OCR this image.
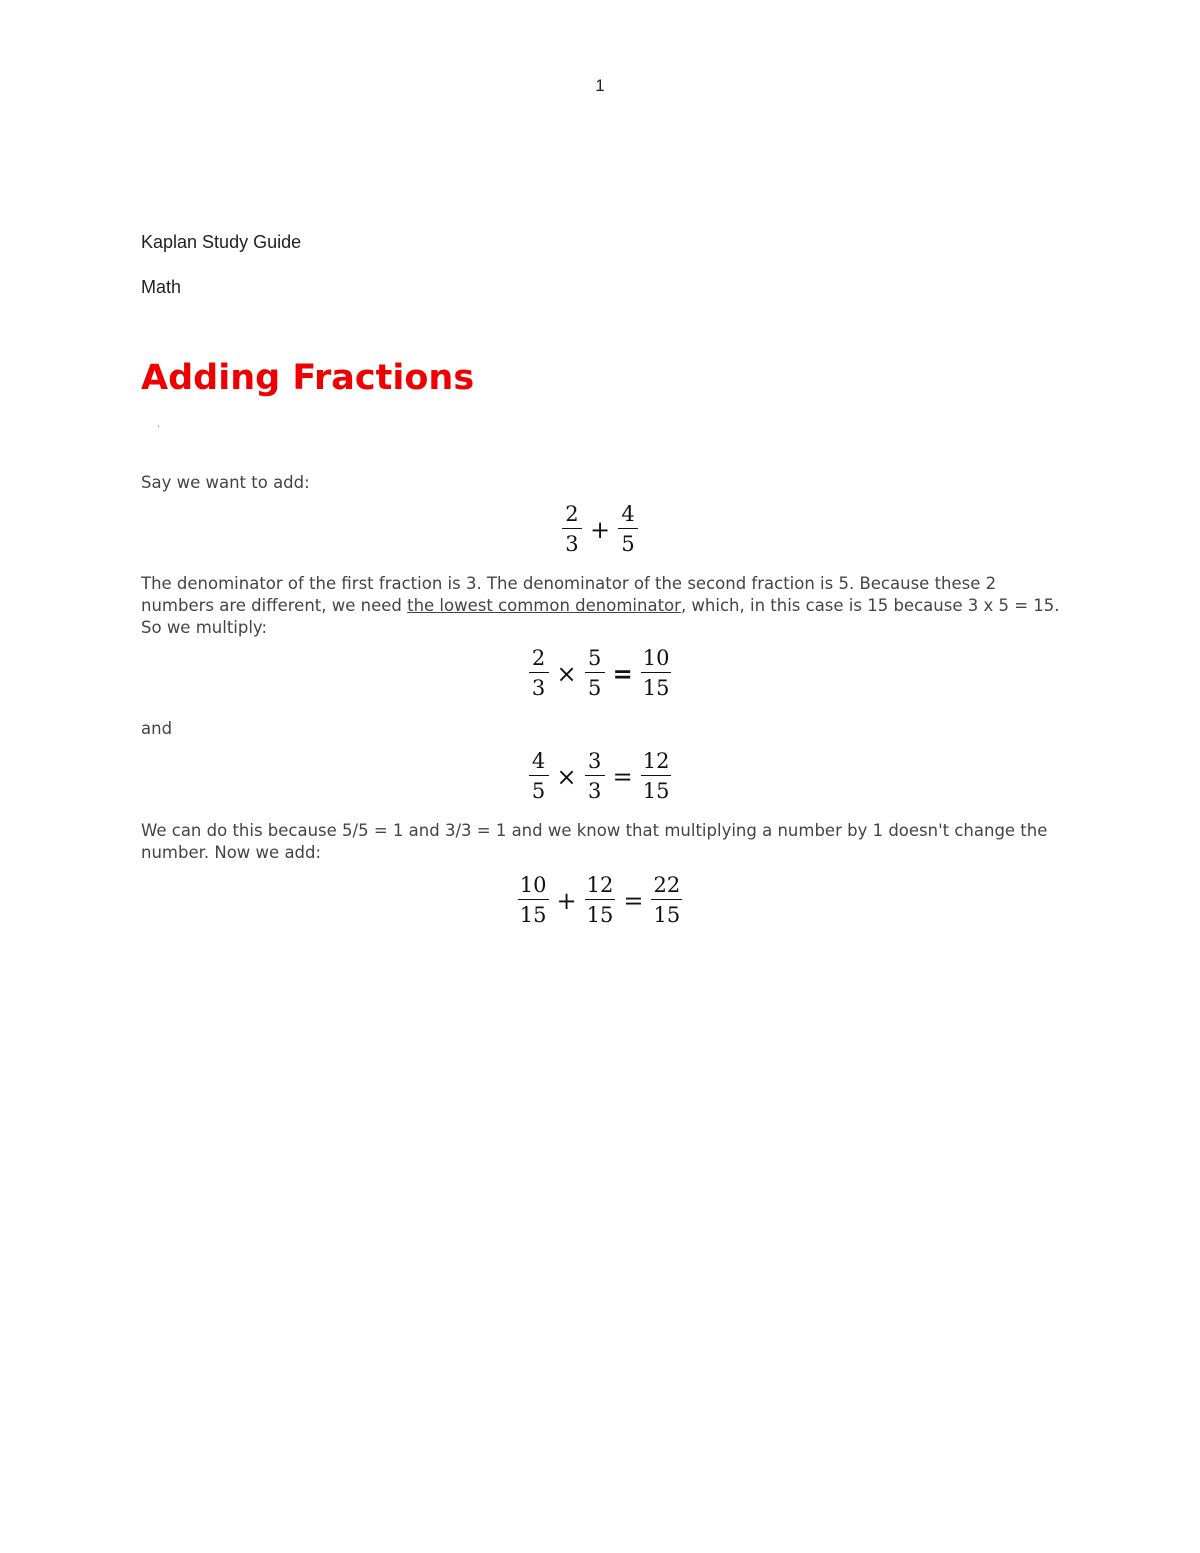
1
Kaplan Study Guide
Math
Adding Fractions
'

Say we want to add:

$\frac{2}{3} + \frac{4}{5}$

The denominator of the first fraction is 3. The denominator of the second fraction is 5. Because these 2 numbers are different, we need the lowest common denominator, which, in this case is 15 because 3 x 5 = 15. So we multiply:

$\frac{2}{3} \times \frac{5}{5} = \frac{10}{15}$

and

$\frac{4}{5} \times \frac{3}{3} = \frac{12}{15}$

We can do this because 5/5 = 1 and 3/3 = 1 and we know that multiplying a number by 1 doesn't change the number. Now we add:

$\frac{10}{15} + \frac{12}{15} = \frac{22}{15}$
